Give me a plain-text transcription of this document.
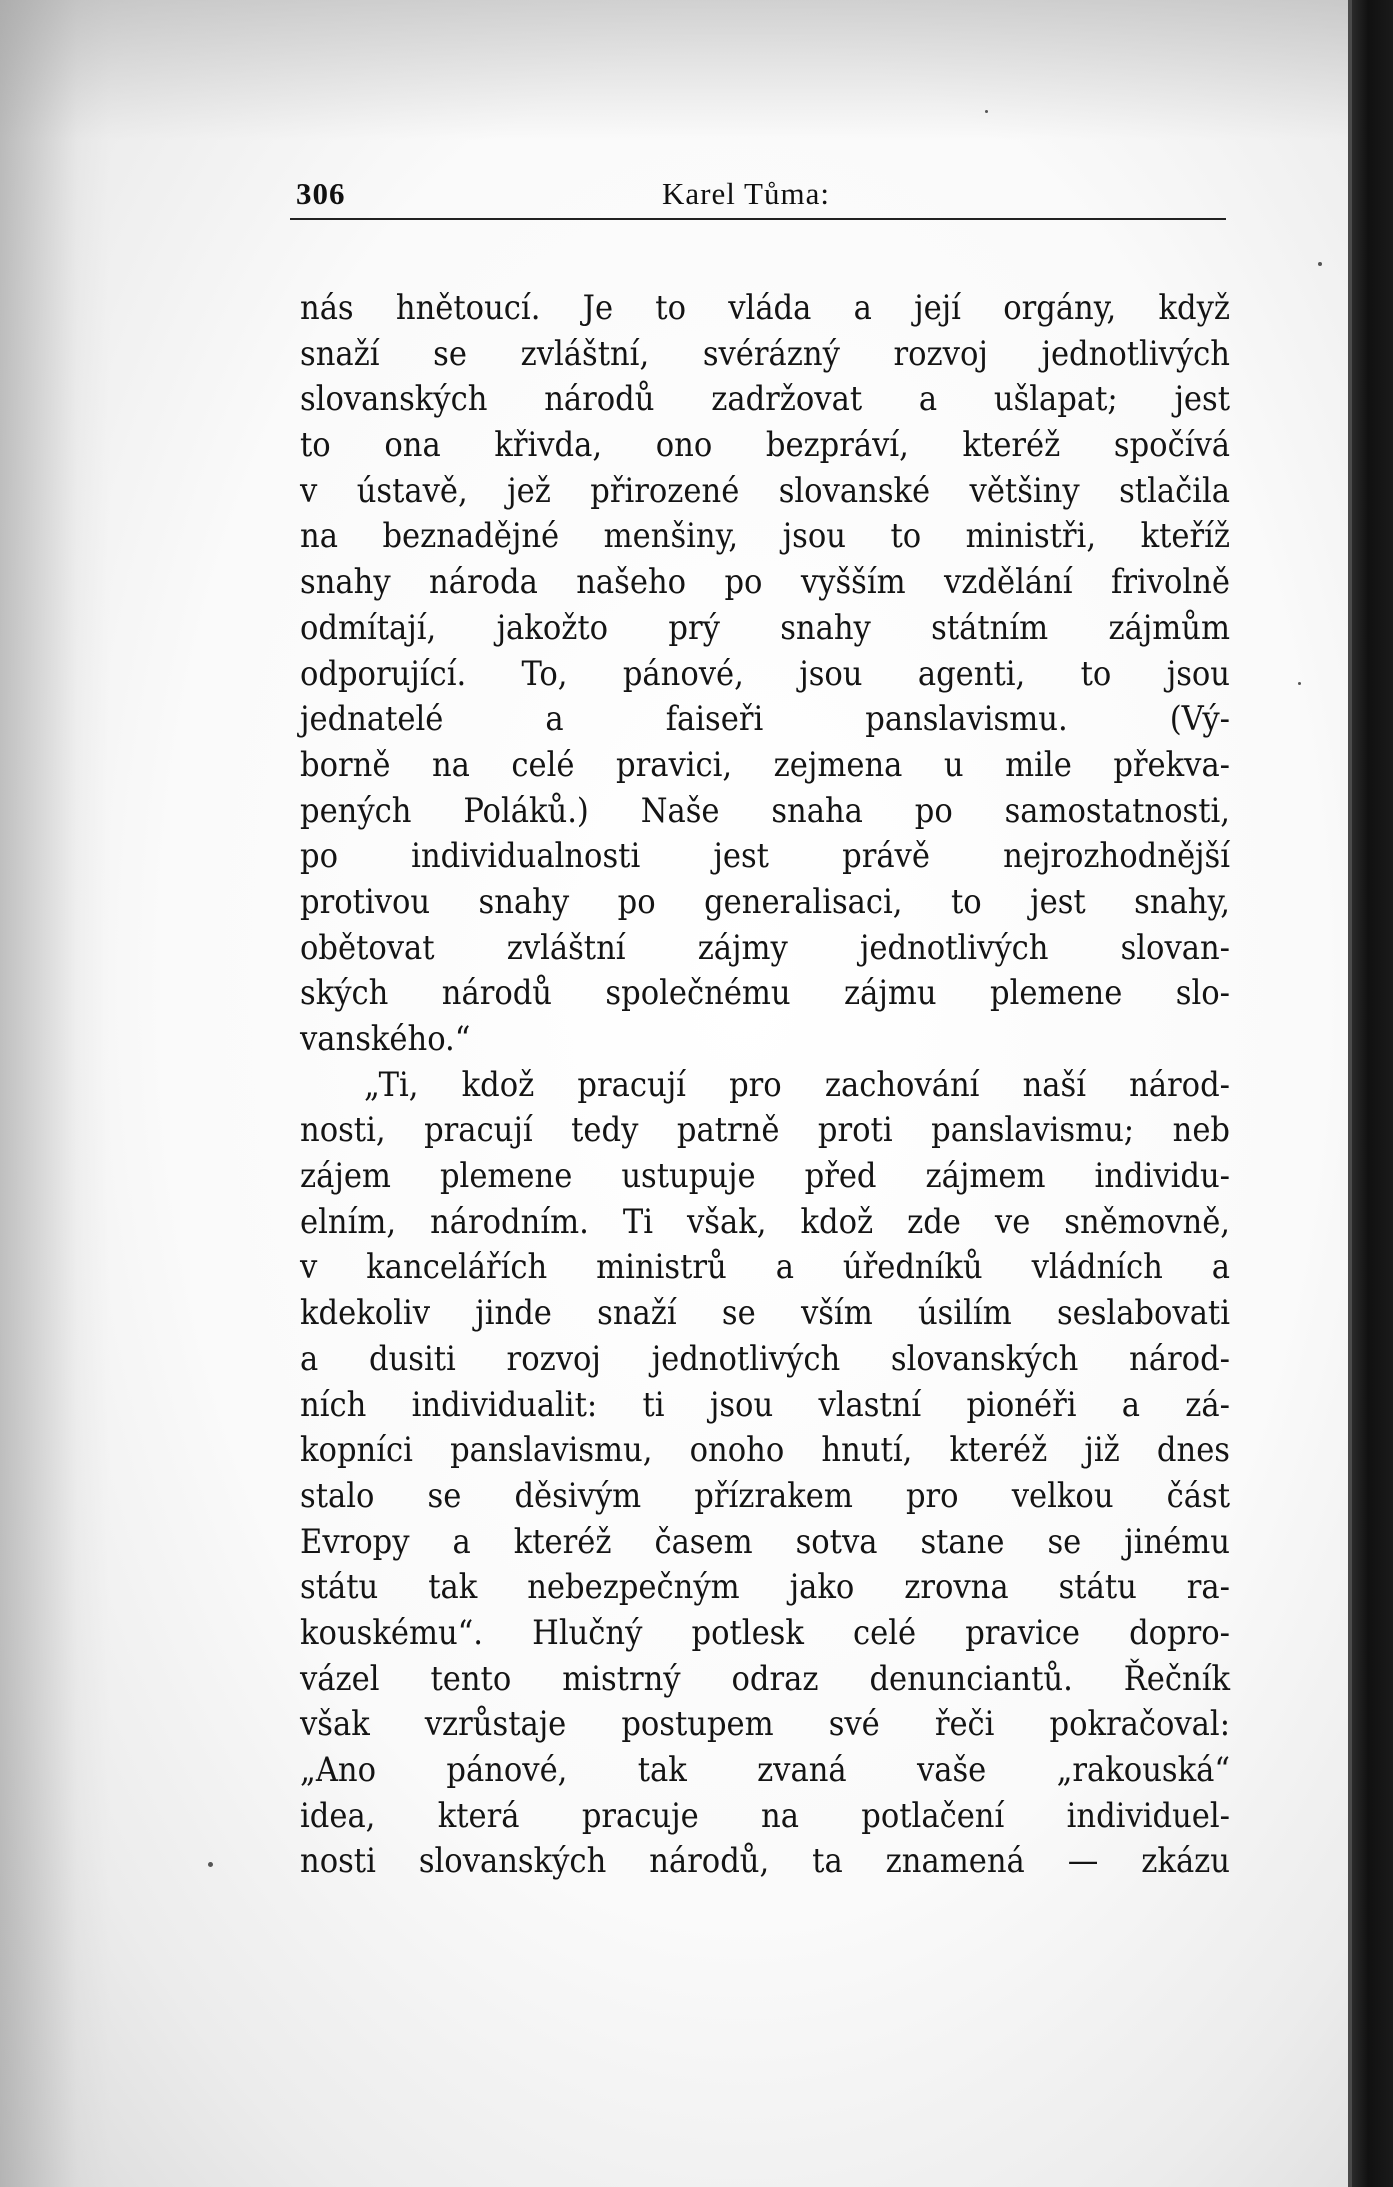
306	Karel Tůma:
nás hnětoucí. Je to vláda a její orgány, když
snaží se zvláštní, svérázný rozvoj jednotlivých
slovanských národů zadržovat a ušlapat; jest
to ona křivda, ono bezpráví, kteréž spočívá
v ústavě, jež přirozené slovanské většiny stlačila
na beznadějné menšiny, jsou to ministři, kteříž
snahy národa našeho po vyšším vzdělání frivolně
odmítají, jakožto prý snahy státním zájmům
odporující. To, pánové, jsou agenti, to jsou
jednatelé a faiseři panslavismu. (Vý-
borně na celé pravici, zejmena u mile překva-
pených Poláků.) Naše snaha po samostatnosti,
po individualnosti jest právě nejrozhodnější
protivou snahy po generalisaci, to jest snahy,
obětovat zvláštní zájmy jednotlivých slovan-
ských národů společnému zájmu plemene slo-
vanského.“
„Ti, kdož pracují pro zachování naší národ-
nosti, pracují tedy patrně proti panslavismu; neb
zájem plemene ustupuje před zájmem individu-
elním, národním. Ti však, kdož zde ve sněmovně,
v kancelářích ministrů a úředníků vládních a
kdekoliv jinde snaží se vším úsilím seslabovati
a dusiti rozvoj jednotlivých slovanských národ-
ních individualit: ti jsou vlastní pionéři a zá-
kopníci panslavismu, onoho hnutí, kteréž již dnes
stalo se děsivým přízrakem pro velkou část
Evropy a kteréž časem sotva stane se jinému
státu tak nebezpečným jako zrovna státu ra-
kouskému“. Hlučný potlesk celé pravice dopro-
vázel tento mistrný odraz denunciantů. Řečník
však vzrůstaje postupem své řeči pokračoval:
„Ano pánové, tak zvaná vaše „rakouská“
idea, která pracuje na potlačení individuel-
nosti slovanských národů, ta znamená — zkázu
